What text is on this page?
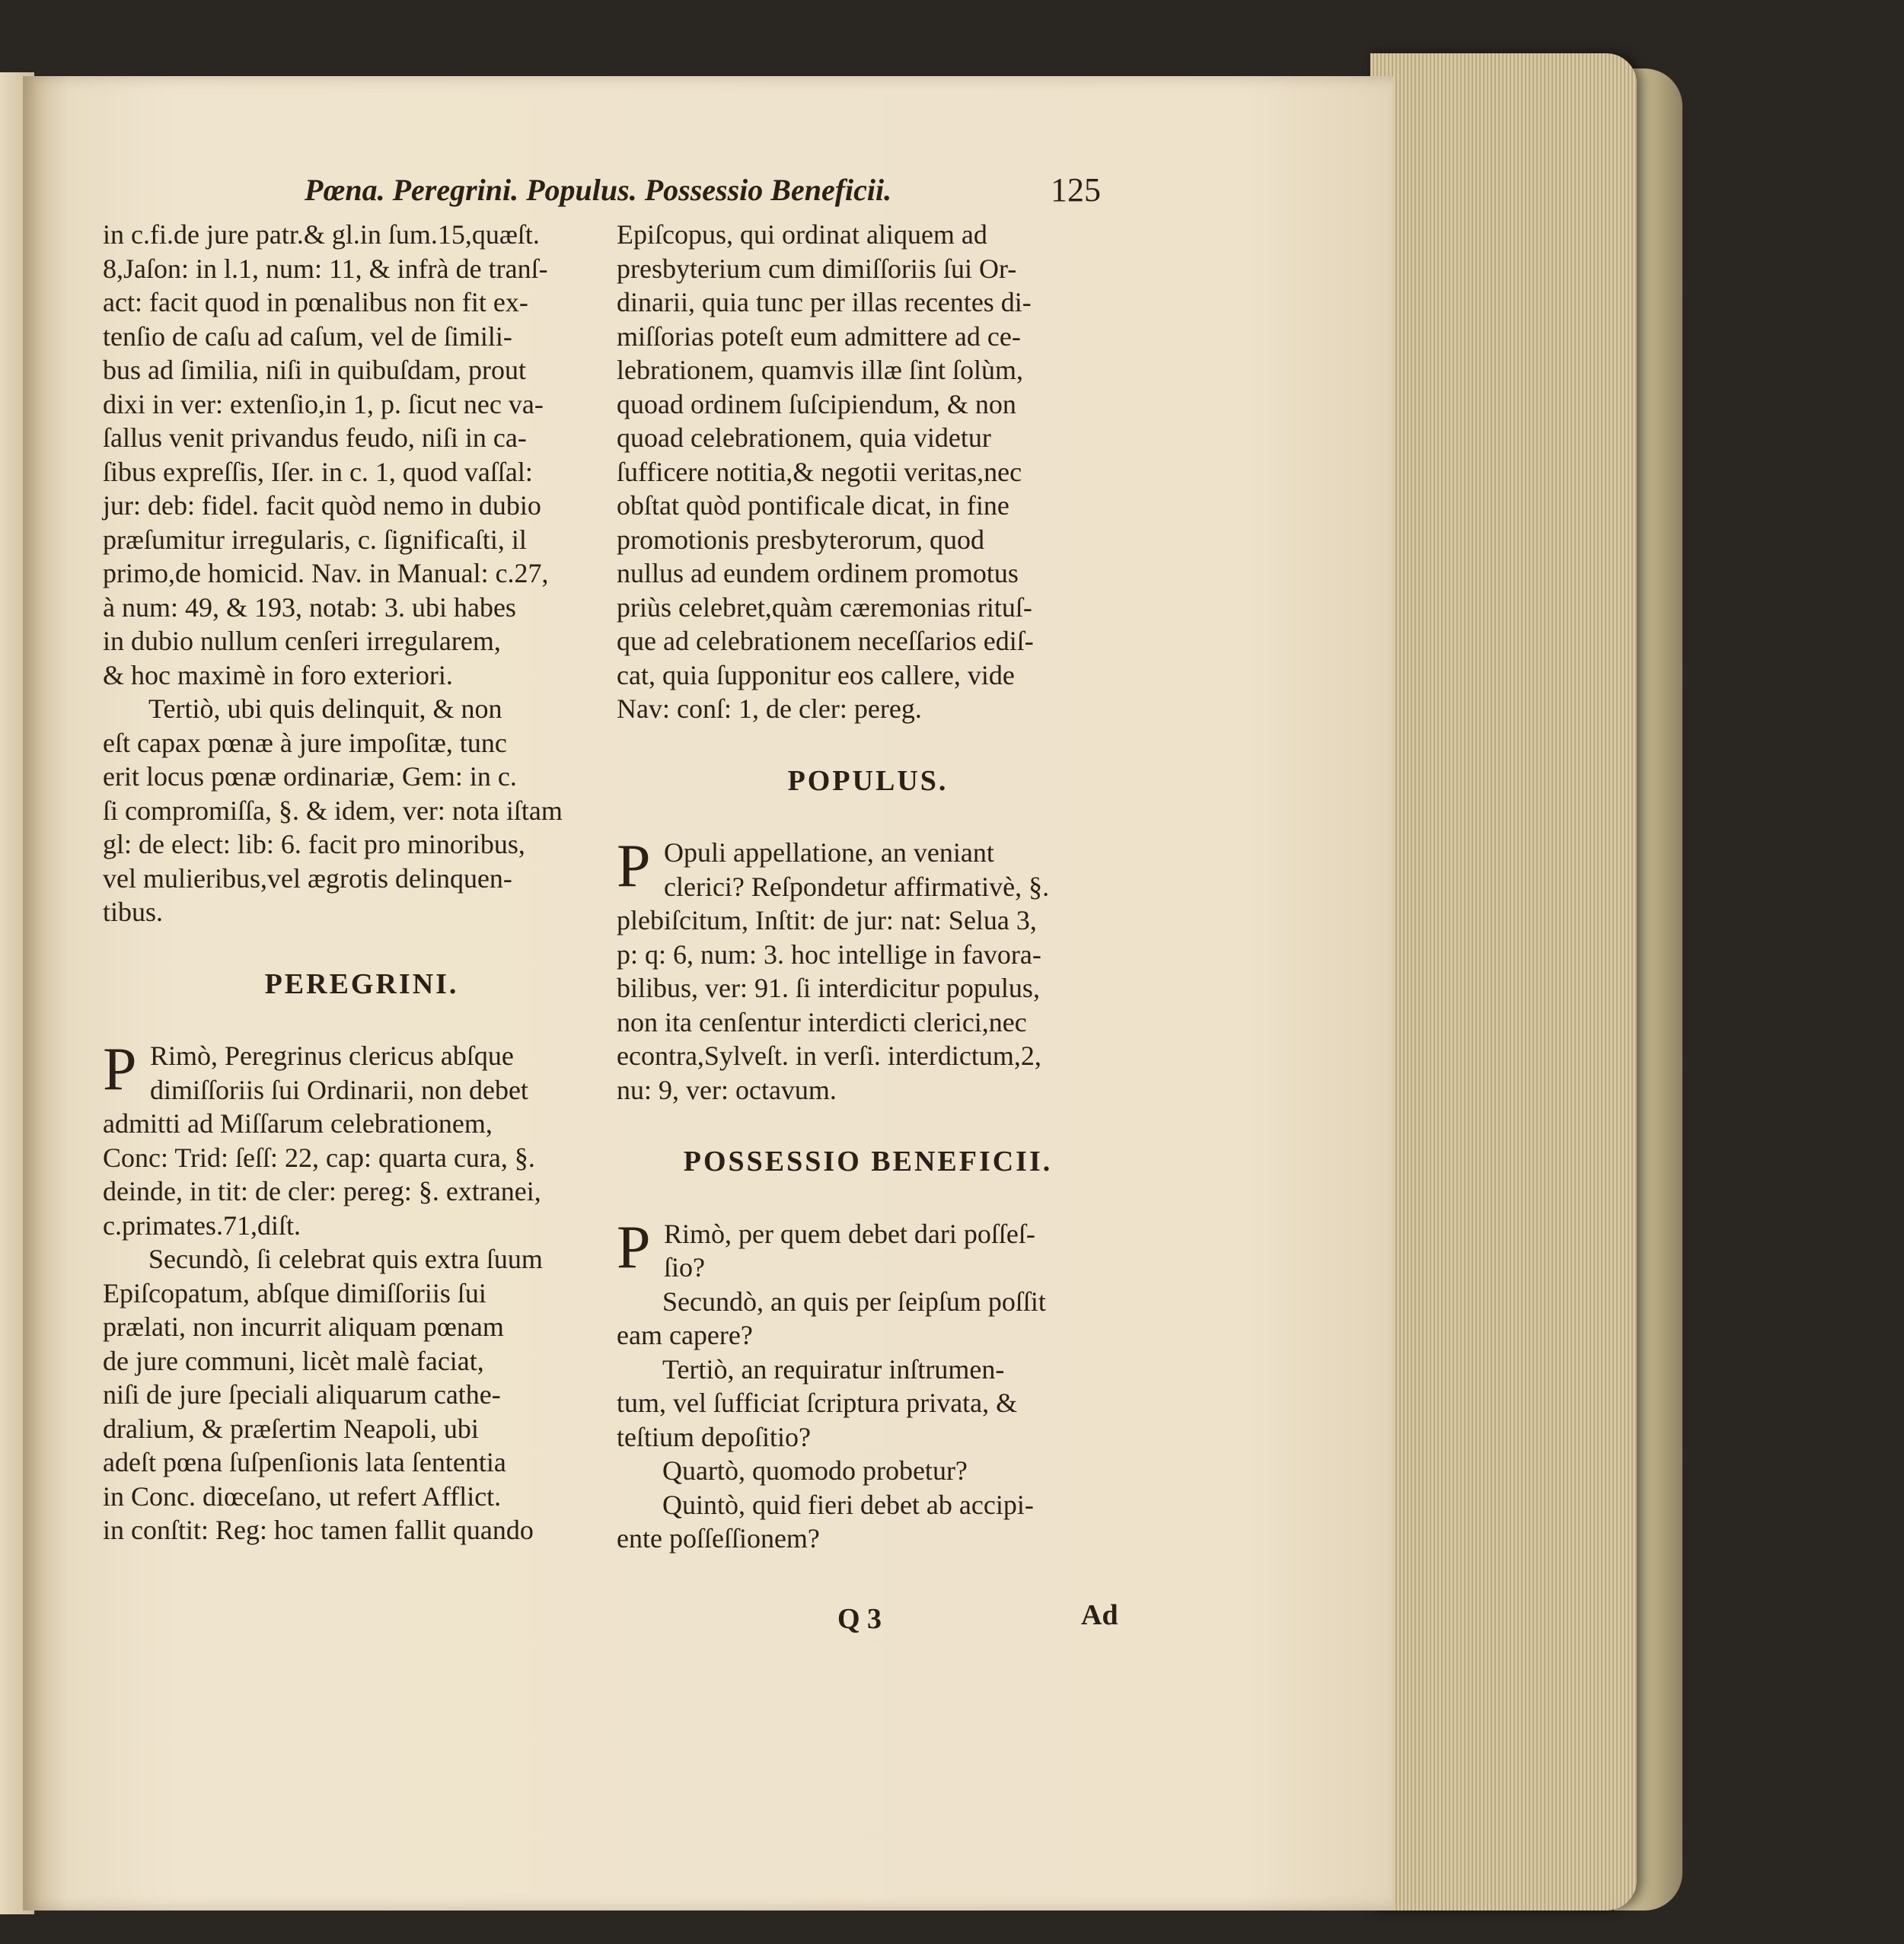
Pœna. Peregrini. Populus. Possessio Beneficii.	125
in c.fi.de jure patr.& gl.in ſum.15,quæſt.
8,Jaſon: in l.1, num: 11, & infrà de tranſ-
act: facit quod in pœnalibus non fit ex-
tenſio de caſu ad caſum, vel de ſimili-
bus ad ſimilia, niſi in quibuſdam, prout
dixi in ver: extenſio,in 1, p. ſicut nec va-
ſallus venit privandus feudo, niſi in ca-
ſibus expreſſis, Iſer. in c. 1, quod vaſſal:
jur: deb: fidel. facit quòd nemo in dubio
præſumitur irregularis, c. ſignificaſti, il
primo,de homicid. Nav. in Manual: c.27,
à num: 49, & 193, notab: 3. ubi habes
in dubio nullum cenſeri irregularem,
& hoc maximè in foro exteriori.
Tertiò, ubi quis delinquit, & non
eſt capax pœnæ à jure impoſitæ, tunc
erit locus pœnæ ordinariæ, Gem: in c.
ſi compromiſſa, §. & idem, ver: nota iſtam
gl: de elect: lib: 6. facit pro minoribus,
vel mulieribus,vel ægrotis delinquen-
tibus.
PEREGRINI.
P Rimò, Peregrinus clericus abſque
dimiſſoriis ſui Ordinarii, non debet
admitti ad Miſſarum celebrationem,
Conc: Trid: ſeſſ: 22, cap: quarta cura, §.
deinde, in tit: de cler: pereg: §. extranei,
c.primates.71,diſt.
Secundò, ſi celebrat quis extra ſuum
Epiſcopatum, abſque dimiſſoriis ſui
prælati, non incurrit aliquam pœnam
de jure communi, licèt malè faciat,
niſi de jure ſpeciali aliquarum cathe-
dralium, & præſertim Neapoli, ubi
adeſt pœna ſuſpenſionis lata ſententia
in Conc. diœceſano, ut refert Afflict.
in conſtit: Reg: hoc tamen fallit quando
Epiſcopus, qui ordinat aliquem ad
presbyterium cum dimiſſoriis ſui Or-
dinarii, quia tunc per illas recentes di-
miſſorias poteſt eum admittere ad ce-
lebrationem, quamvis illæ ſint ſolùm,
quoad ordinem ſuſcipiendum, & non
quoad celebrationem, quia videtur
ſufficere notitia,& negotii veritas,nec
obſtat quòd pontificale dicat, in fine
promotionis presbyterorum, quod
nullus ad eundem ordinem promotus
priùs celebret,quàm cæremonias rituſ-
que ad celebrationem neceſſarios ediſ-
cat, quia ſupponitur eos callere, vide
Nav: conſ: 1, de cler: pereg.
POPULUS.
P Opuli appellatione, an veniant
clerici? Reſpondetur affirmativè, §.
plebiſcitum, Inſtit: de jur: nat: Selua 3,
p: q: 6, num: 3. hoc intellige in favora-
bilibus, ver: 91. ſi interdicitur populus,
non ita cenſentur interdicti clerici,nec
econtra,Sylveſt. in verſi. interdictum,2,
nu: 9, ver: octavum.
POSSESSIO BENEFICII.
P Rimò, per quem debet dari poſſeſ-
ſio?
Secundò, an quis per ſeipſum poſſit
eam capere?
Tertiò, an requiratur inſtrumen-
tum, vel ſufficiat ſcriptura privata, &
teſtium depoſitio?
Quartò, quomodo probetur?
Quintò, quid fieri debet ab accipi-
ente poſſeſſionem?
Q 3	Ad
